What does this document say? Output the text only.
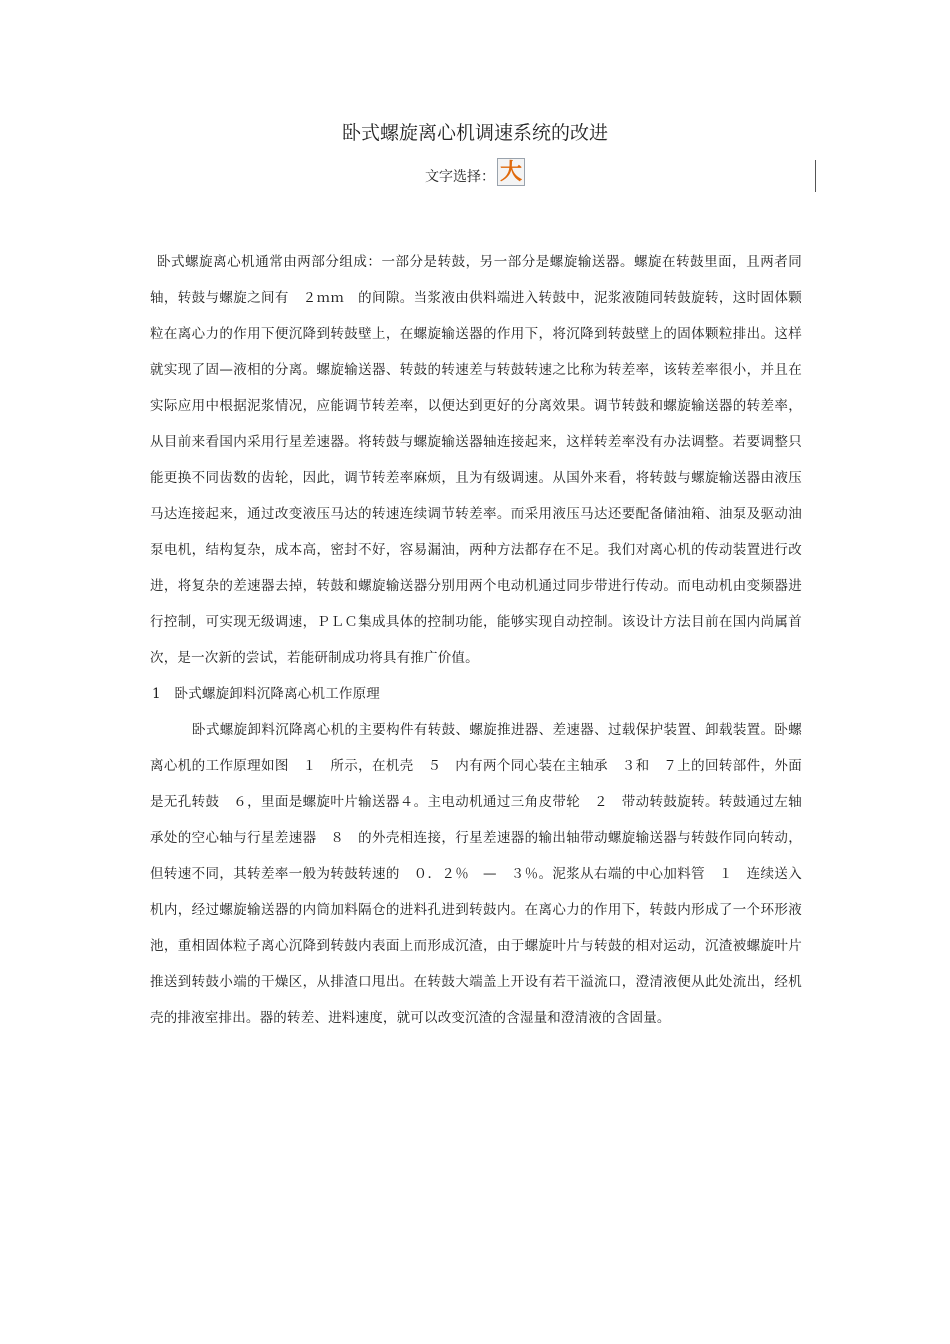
卧式螺旋离心机调速系统的改进
文字选择： 大

卧式螺旋离心机通常由两部分组成：一部分是转鼓，另一部分是螺旋输送器。螺旋在转鼓里面，且两者同轴，转鼓与螺旋之间有　２ｍｍ　的间隙。当浆液由供料端进入转鼓中，泥浆液随同转鼓旋转，这时固体颗粒在离心力的作用下便沉降到转鼓壁上，在螺旋输送器的作用下，将沉降到转鼓壁上的固体颗粒排出。这样就实现了固—液相的分离。螺旋输送器、转鼓的转速差与转鼓转速之比称为转差率，该转差率很小，并且在实际应用中根据泥浆情况，应能调节转差率，以便达到更好的分离效果。调节转鼓和螺旋输送器的转差率，从目前来看国内采用行星差速器。将转鼓与螺旋输送器轴连接起来，这样转差率没有办法调整。若要调整只能更换不同齿数的齿轮，因此，调节转差率麻烦，且为有级调速。从国外来看，将转鼓与螺旋输送器由液压马达连接起来，通过改变液压马达的转速连续调节转差率。而采用液压马达还要配备储油箱、油泵及驱动油泵电机，结构复杂，成本高，密封不好，容易漏油，两种方法都存在不足。我们对离心机的传动装置进行改进，将复杂的差速器去掉，转鼓和螺旋输送器分别用两个电动机通过同步带进行传动。而电动机由变频器进行控制，可实现无级调速，ＰＬＣ集成具体的控制功能，能够实现自动控制。该设计方法目前在国内尚属首次，是一次新的尝试，若能研制成功将具有推广价值。

1　卧式螺旋卸料沉降离心机工作原理

卧式螺旋卸料沉降离心机的主要构件有转鼓、螺旋推进器、差速器、过载保护装置、卸载装置。卧螺离心机的工作原理如图　１　所示，在机壳　５　内有两个同心装在主轴承　３和　７上的回转部件，外面是无孔转鼓　６，里面是螺旋叶片输送器４。主电动机通过三角皮带轮　２　带动转鼓旋转。转鼓通过左轴承处的空心轴与行星差速器　８　的外壳相连接，行星差速器的输出轴带动螺旋输送器与转鼓作同向转动，但转速不同，其转差率一般为转鼓转速的　０．２％　—　３％。泥浆从右端的中心加料管　１　连续送入机内，经过螺旋输送器的内筒加料隔仓的进料孔进到转鼓内。在离心力的作用下，转鼓内形成了一个环形液池，重相固体粒子离心沉降到转鼓内表面上而形成沉渣，由于螺旋叶片与转鼓的相对运动，沉渣被螺旋叶片推送到转鼓小端的干燥区，从排渣口甩出。在转鼓大端盖上开设有若干溢流口，澄清液便从此处流出，经机壳的排液室排出。器的转差、进料速度，就可以改变沉渣的含湿量和澄清液的含固量。
